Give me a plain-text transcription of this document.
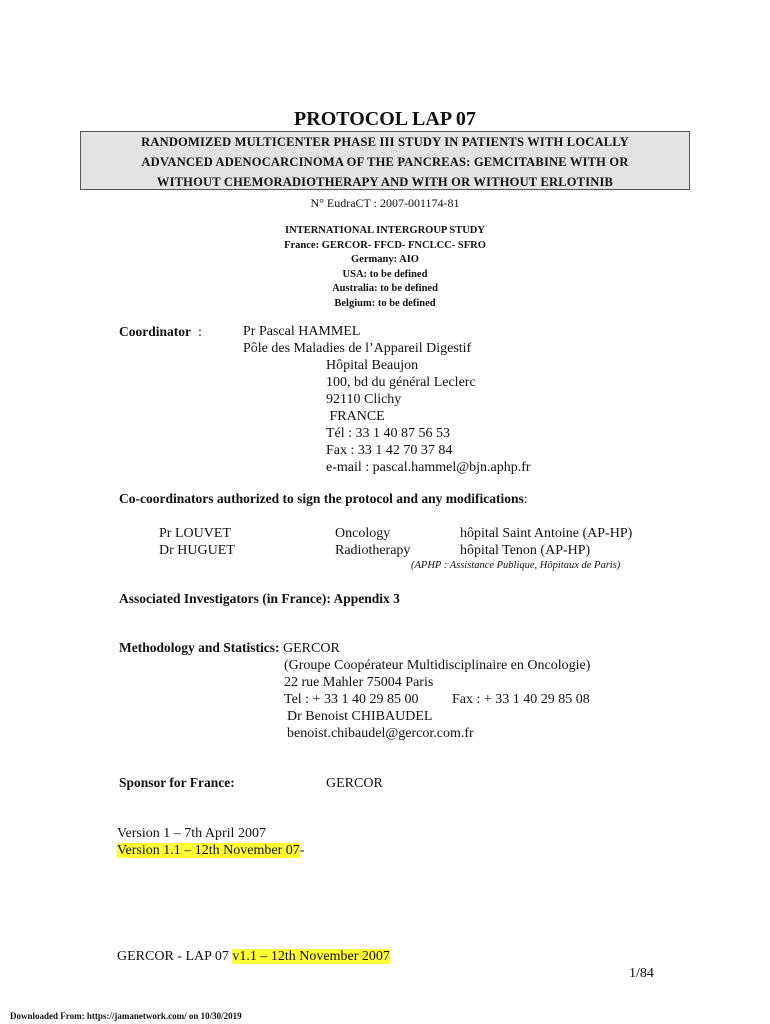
PROTOCOL LAP 07
RANDOMIZED MULTICENTER PHASE III STUDY IN PATIENTS WITH LOCALLY
ADVANCED ADENOCARCINOMA OF THE PANCREAS: GEMCITABINE WITH OR
WITHOUT CHEMORADIOTHERAPY AND WITH OR WITHOUT ERLOTINIB
N° EudraCT : 2007-001174-81
INTERNATIONAL INTERGROUP STUDY
France: GERCOR- FFCD- FNCLCC- SFRO
Germany: AIO
USA: to be defined
Australia: to be defined
Belgium: to be defined
Coordinator :	Pr Pascal HAMMEL
Pôle des Maladies de l’Appareil Digestif
Hôpital Beaujon
100, bd du général Leclerc
92110 Clichy
FRANCE
Tél : 33 1 40 87 56 53
Fax : 33 1 42 70 37 84
e-mail : pascal.hammel@bjn.aphp.fr
Co-coordinators authorized to sign the protocol and any modifications:
Pr LOUVET	Oncology	hôpital Saint Antoine (AP-HP)
Dr HUGUET	Radiotherapy	hôpital Tenon (AP-HP)
(APHP : Assistance Publique, Hôpitaux de Paris)
Associated Investigators (in France): Appendix 3
Methodology and Statistics: GERCOR
(Groupe Coopérateur Multidisciplinaire en Oncologie)
22 rue Mahler 75004 Paris
Tel : + 33 1 40 29 85 00 Fax : + 33 1 40 29 85 08
Dr Benoist CHIBAUDEL
benoist.chibaudel@gercor.com.fr
Sponsor for France:	GERCOR
Version 1 – 7th April 2007
Version 1.1 – 12th November 07-
GERCOR - LAP 07 v1.1 – 12th November 2007
1/84
Downloaded From: https://jamanetwork.com/ on 10/30/2019
